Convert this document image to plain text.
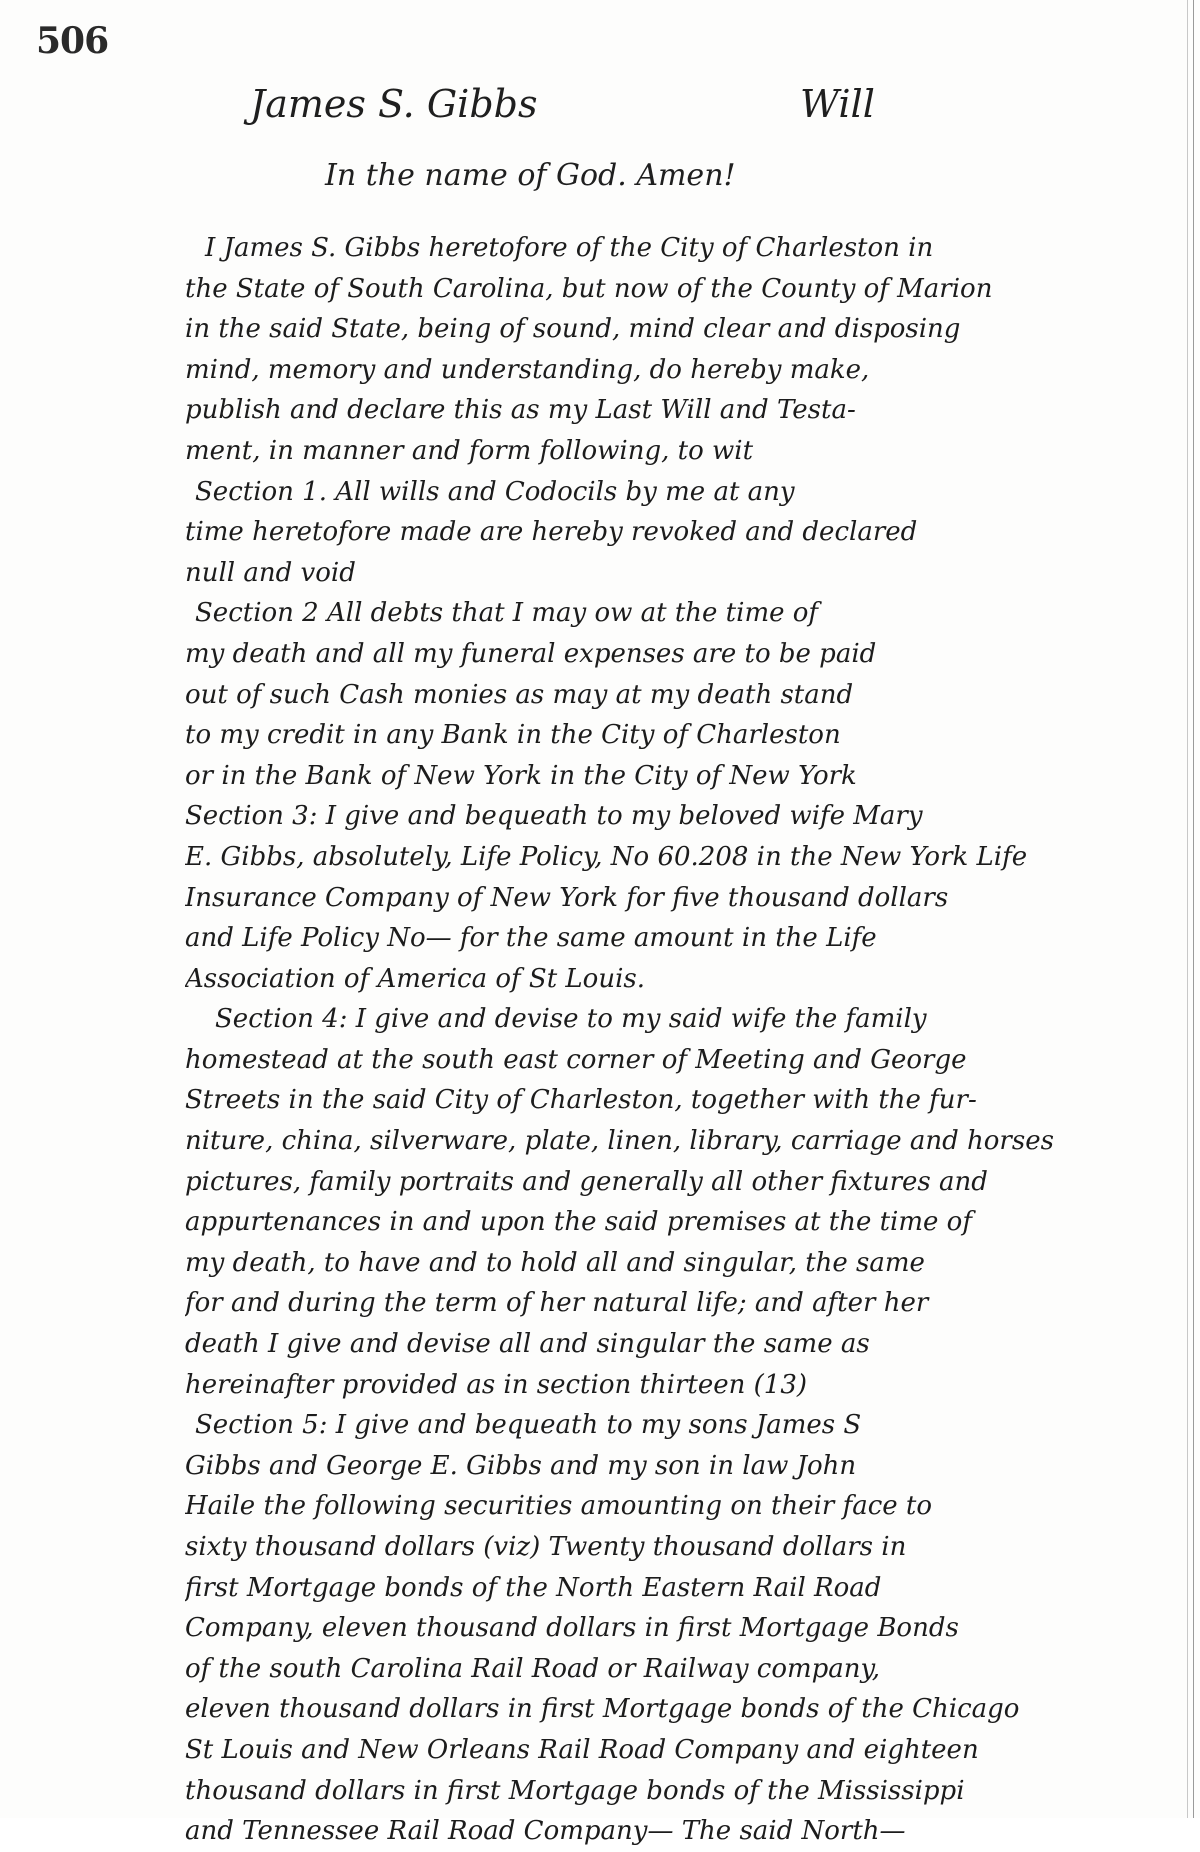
506
James S. Gibbs	Will
In the name of God. Amen!
I James S. Gibbs heretofore of the City of Charleston in
the State of South Carolina, but now of the County of Marion
in the said State, being of sound, mind clear and disposing
mind, memory and understanding, do hereby make,
publish and declare this as my Last Will and Testa-
ment, in manner and form following, to wit
Section 1. All wills and Codocils by me at any
time heretofore made are hereby revoked and declared
null and void
Section 2 All debts that I may ow at the time of
my death and all my funeral expenses are to be paid
out of such Cash monies as may at my death stand
to my credit in any Bank in the City of Charleston
or in the Bank of New York in the City of New York
Section 3: I give and bequeath to my beloved wife Mary
E. Gibbs, absolutely, Life Policy, No 60.208 in the New York Life
Insurance Company of New York for five thousand dollars
and Life Policy No— for the same amount in the Life
Association of America of St Louis.
Section 4: I give and devise to my said wife the family
homestead at the south east corner of Meeting and George
Streets in the said City of Charleston, together with the fur-
niture, china, silverware, plate, linen, library, carriage and horses
pictures, family portraits and generally all other fixtures and
appurtenances in and upon the said premises at the time of
my death, to have and to hold all and singular, the same
for and during the term of her natural life; and after her
death I give and devise all and singular the same as
hereinafter provided as in section thirteen (13)
Section 5: I give and bequeath to my sons James S
Gibbs and George E. Gibbs and my son in law John
Haile the following securities amounting on their face to
sixty thousand dollars (viz) Twenty thousand dollars in
first Mortgage bonds of the North Eastern Rail Road
Company, eleven thousand dollars in first Mortgage Bonds
of the south Carolina Rail Road or Railway company,
eleven thousand dollars in first Mortgage bonds of the Chicago
St Louis and New Orleans Rail Road Company and eighteen
thousand dollars in first Mortgage bonds of the Mississippi
and Tennessee Rail Road Company— The said North—
